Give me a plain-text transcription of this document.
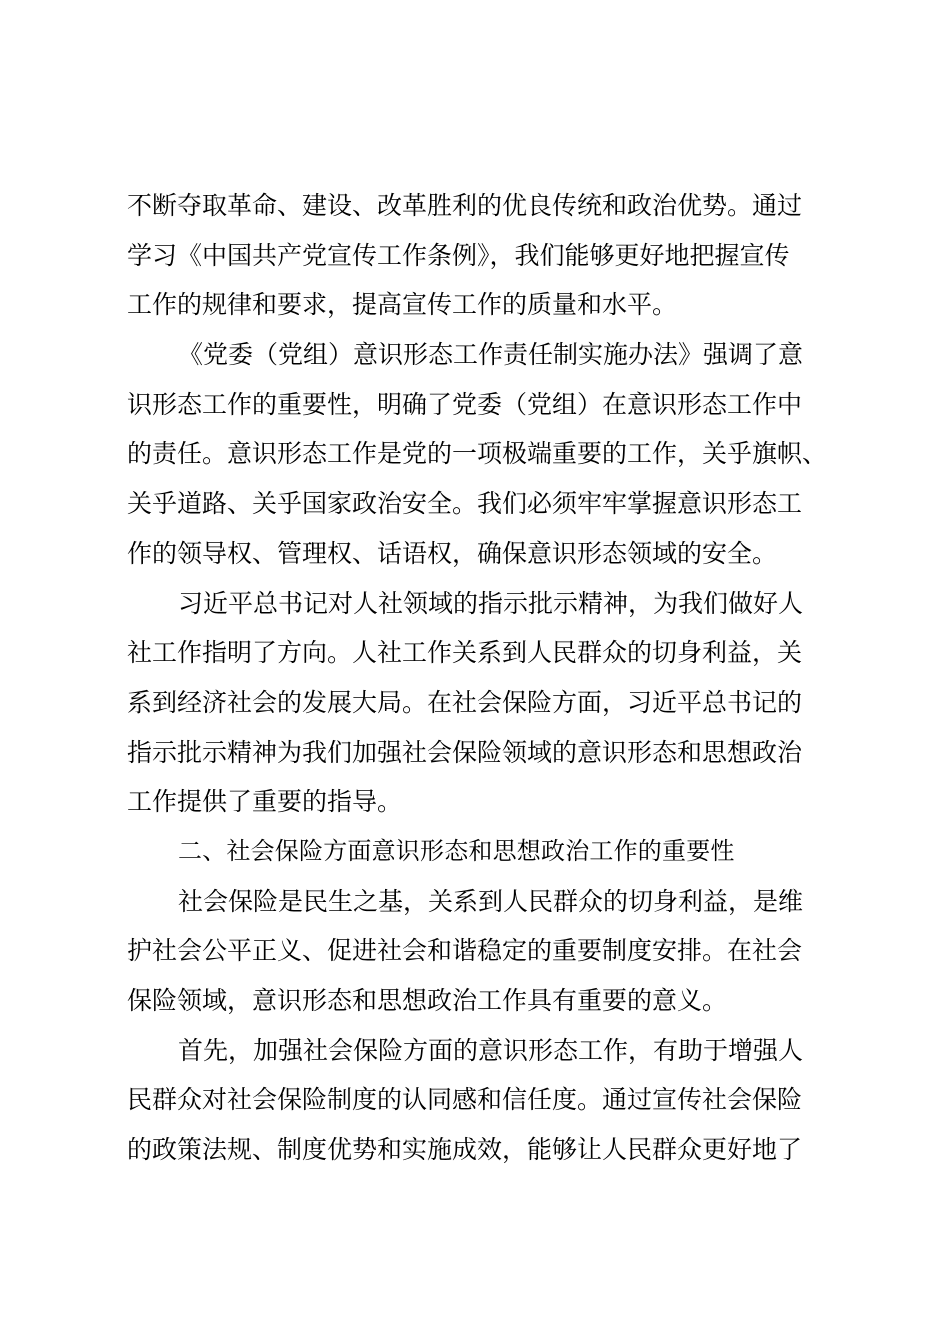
不断夺取革命、建设、改革胜利的优良传统和政治优势。通过
学习《中国共产党宣传工作条例》，我们能够更好地把握宣传
工作的规律和要求，提高宣传工作的质量和水平。
《党委（党组）意识形态工作责任制实施办法》强调了意
识形态工作的重要性，明确了党委（党组）在意识形态工作中
的责任。意识形态工作是党的一项极端重要的工作，关乎旗帜、
关乎道路、关乎国家政治安全。我们必须牢牢掌握意识形态工
作的领导权、管理权、话语权，确保意识形态领域的安全。
习近平总书记对人社领域的指示批示精神，为我们做好人
社工作指明了方向。人社工作关系到人民群众的切身利益，关
系到经济社会的发展大局。在社会保险方面，习近平总书记的
指示批示精神为我们加强社会保险领域的意识形态和思想政治
工作提供了重要的指导。
二、社会保险方面意识形态和思想政治工作的重要性
社会保险是民生之基，关系到人民群众的切身利益，是维
护社会公平正义、促进社会和谐稳定的重要制度安排。在社会
保险领域，意识形态和思想政治工作具有重要的意义。
首先，加强社会保险方面的意识形态工作，有助于增强人
民群众对社会保险制度的认同感和信任度。通过宣传社会保险
的政策法规、制度优势和实施成效，能够让人民群众更好地了
